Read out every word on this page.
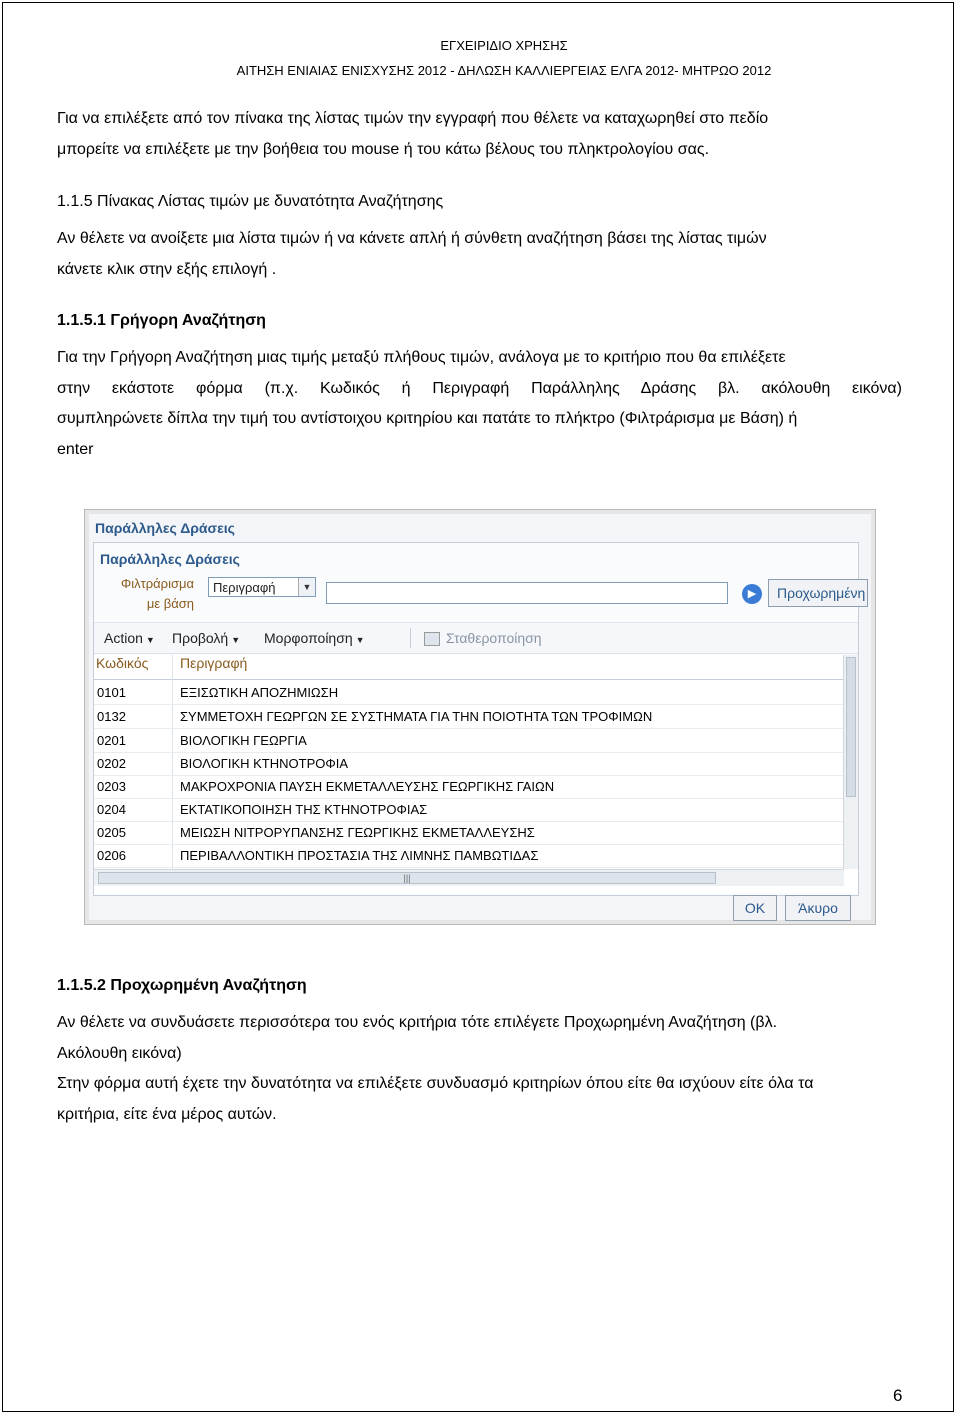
ΕΓΧΕΙΡΙΔΙΟ ΧΡΗΣΗΣ
ΑΙΤΗΣΗ ΕΝΙΑΙΑΣ ΕΝΙΣΧΥΣΗΣ 2012 - ΔΗΛΩΣΗ ΚΑΛΛΙΕΡΓΕΙΑΣ ΕΛΓΑ 2012- ΜΗΤΡΩΟ 2012
Για να επιλέξετε από τον πίνακα της λίστας τιμών την εγγραφή που θέλετε να καταχωρηθεί στο πεδίο
μπορείτε να επιλέξετε με την βοήθεια του mouse ή του κάτω βέλους του πληκτρολογίου σας.
1.1.5 Πίνακας Λίστας τιμών με δυνατότητα Αναζήτησης
Αν θέλετε να ανοίξετε μια λίστα τιμών ή να κάνετε απλή ή σύνθετη αναζήτηση βάσει της λίστας τιμών
κάνετε κλικ στην εξής επιλογή .
1.1.5.1 Γρήγορη Αναζήτηση
Για την Γρήγορη Αναζήτηση μιας τιμής μεταξύ πλήθους τιμών, ανάλογα με το κριτήριο που θα επιλέξετε
στην εκάστοτε φόρμα (π.χ. Κωδικός ή Περιγραφή Παράλληλης Δράσης βλ. ακόλουθη εικόνα)
συμπληρώνετε δίπλα την τιμή του αντίστοιχου κριτηρίου και πατάτε το πλήκτρο (Φιλτράρισμα με Βάση) ή
enter
Παράλληλες Δράσεις
Παράλληλες Δράσεις
Φιλτράρισμα
με βάση
Περιγραφή	▼
▶	Προχωρημένη
Action ▼ Προβολή ▼ Μορφοποίηση ▼	Σταθεροποίηση
Κωδικός Περιγραφή
0101	ΕΞΙΣΩΤΙΚΗ ΑΠΟΖΗΜΙΩΣΗ
0132	ΣΥΜΜΕΤΟΧΗ ΓΕΩΡΓΩΝ ΣΕ ΣΥΣΤΗΜΑΤΑ ΓΙΑ ΤΗΝ ΠΟΙΟΤΗΤΑ ΤΩΝ ΤΡΟΦΙΜΩΝ
0201	ΒΙΟΛΟΓΙΚΗ ΓΕΩΡΓΙΑ
0202	ΒΙΟΛΟΓΙΚΗ ΚΤΗΝΟΤΡΟΦΙΑ
0203	ΜΑΚΡΟΧΡΟΝΙΑ ΠΑΥΣΗ ΕΚΜΕΤΑΛΛΕΥΣΗΣ ΓΕΩΡΓΙΚΗΣ ΓΑΙΩΝ
0204	ΕΚΤΑΤΙΚΟΠΟΙΗΣΗ ΤΗΣ ΚΤΗΝΟΤΡΟΦΙΑΣ
0205	ΜΕΙΩΣΗ ΝΙΤΡΟΡΥΠΑΝΣΗΣ ΓΕΩΡΓΙΚΗΣ ΕΚΜΕΤΑΛΛΕΥΣΗΣ
0206	ΠΕΡΙΒΑΛΛΟΝΤΙΚΗ ΠΡΟΣΤΑΣΙΑ ΤΗΣ ΛΙΜΝΗΣ ΠΑΜΒΩΤΙΔΑΣ
|||
OK	Άκυρο
1.1.5.2 Προχωρημένη Αναζήτηση
Αν θέλετε να συνδυάσετε περισσότερα του ενός κριτήρια τότε επιλέγετε Προχωρημένη Αναζήτηση (βλ.
Ακόλουθη εικόνα)
Στην φόρμα αυτή έχετε την δυνατότητα να επιλέξετε συνδυασμό κριτηρίων όπου είτε θα ισχύουν είτε όλα τα
κριτήρια, είτε ένα μέρος αυτών.
6
